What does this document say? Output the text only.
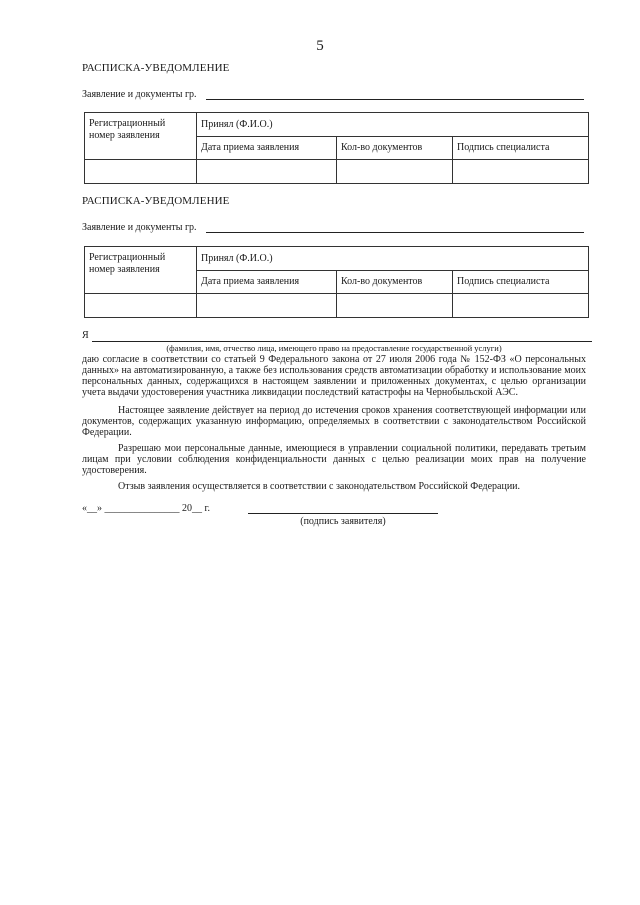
5
РАСПИСКА-УВЕДОМЛЕНИЕ
Заявление и документы гр.
Регистрационный номер заявления	Принял (Ф.И.О.)		
	Дата приема заявления	Кол-во документов	Подпись специалиста

РАСПИСКА-УВЕДОМЛЕНИЕ
Заявление и документы гр.
Регистрационный номер заявления	Принял (Ф.И.О.)		
	Дата приема заявления	Кол-во документов	Подпись специалиста

Я
(фамилия, имя, отчество лица, имеющего право на предоставление государственной услуги)
даю согласие в соответствии со статьей 9 Федерального закона от 27 июля 2006 года № 152-ФЗ «О персональных данных» на автоматизированную, а также без использования средств автоматизации обработку и использование моих персональных данных, содержащихся в настоящем заявлении и приложенных документах, с целью организации учета выдачи удостоверения участника ликвидации последствий катастрофы на Чернобыльской АЭС.
Настоящее заявление действует на период до истечения сроков хранения соответствующей информации или документов, содержащих указанную информацию, определяемых в соответствии с законодательством Российской Федерации.
Разрешаю мои персональные данные, имеющиеся в управлении социальной политики, передавать третьим лицам при условии соблюдения конфиденциальности данных с целью реализации моих прав на получение удостоверения.
Отзыв заявления осуществляется в соответствии с законодательством Российской Федерации.
«__» _______________ 20__ г.
(подпись заявителя)
